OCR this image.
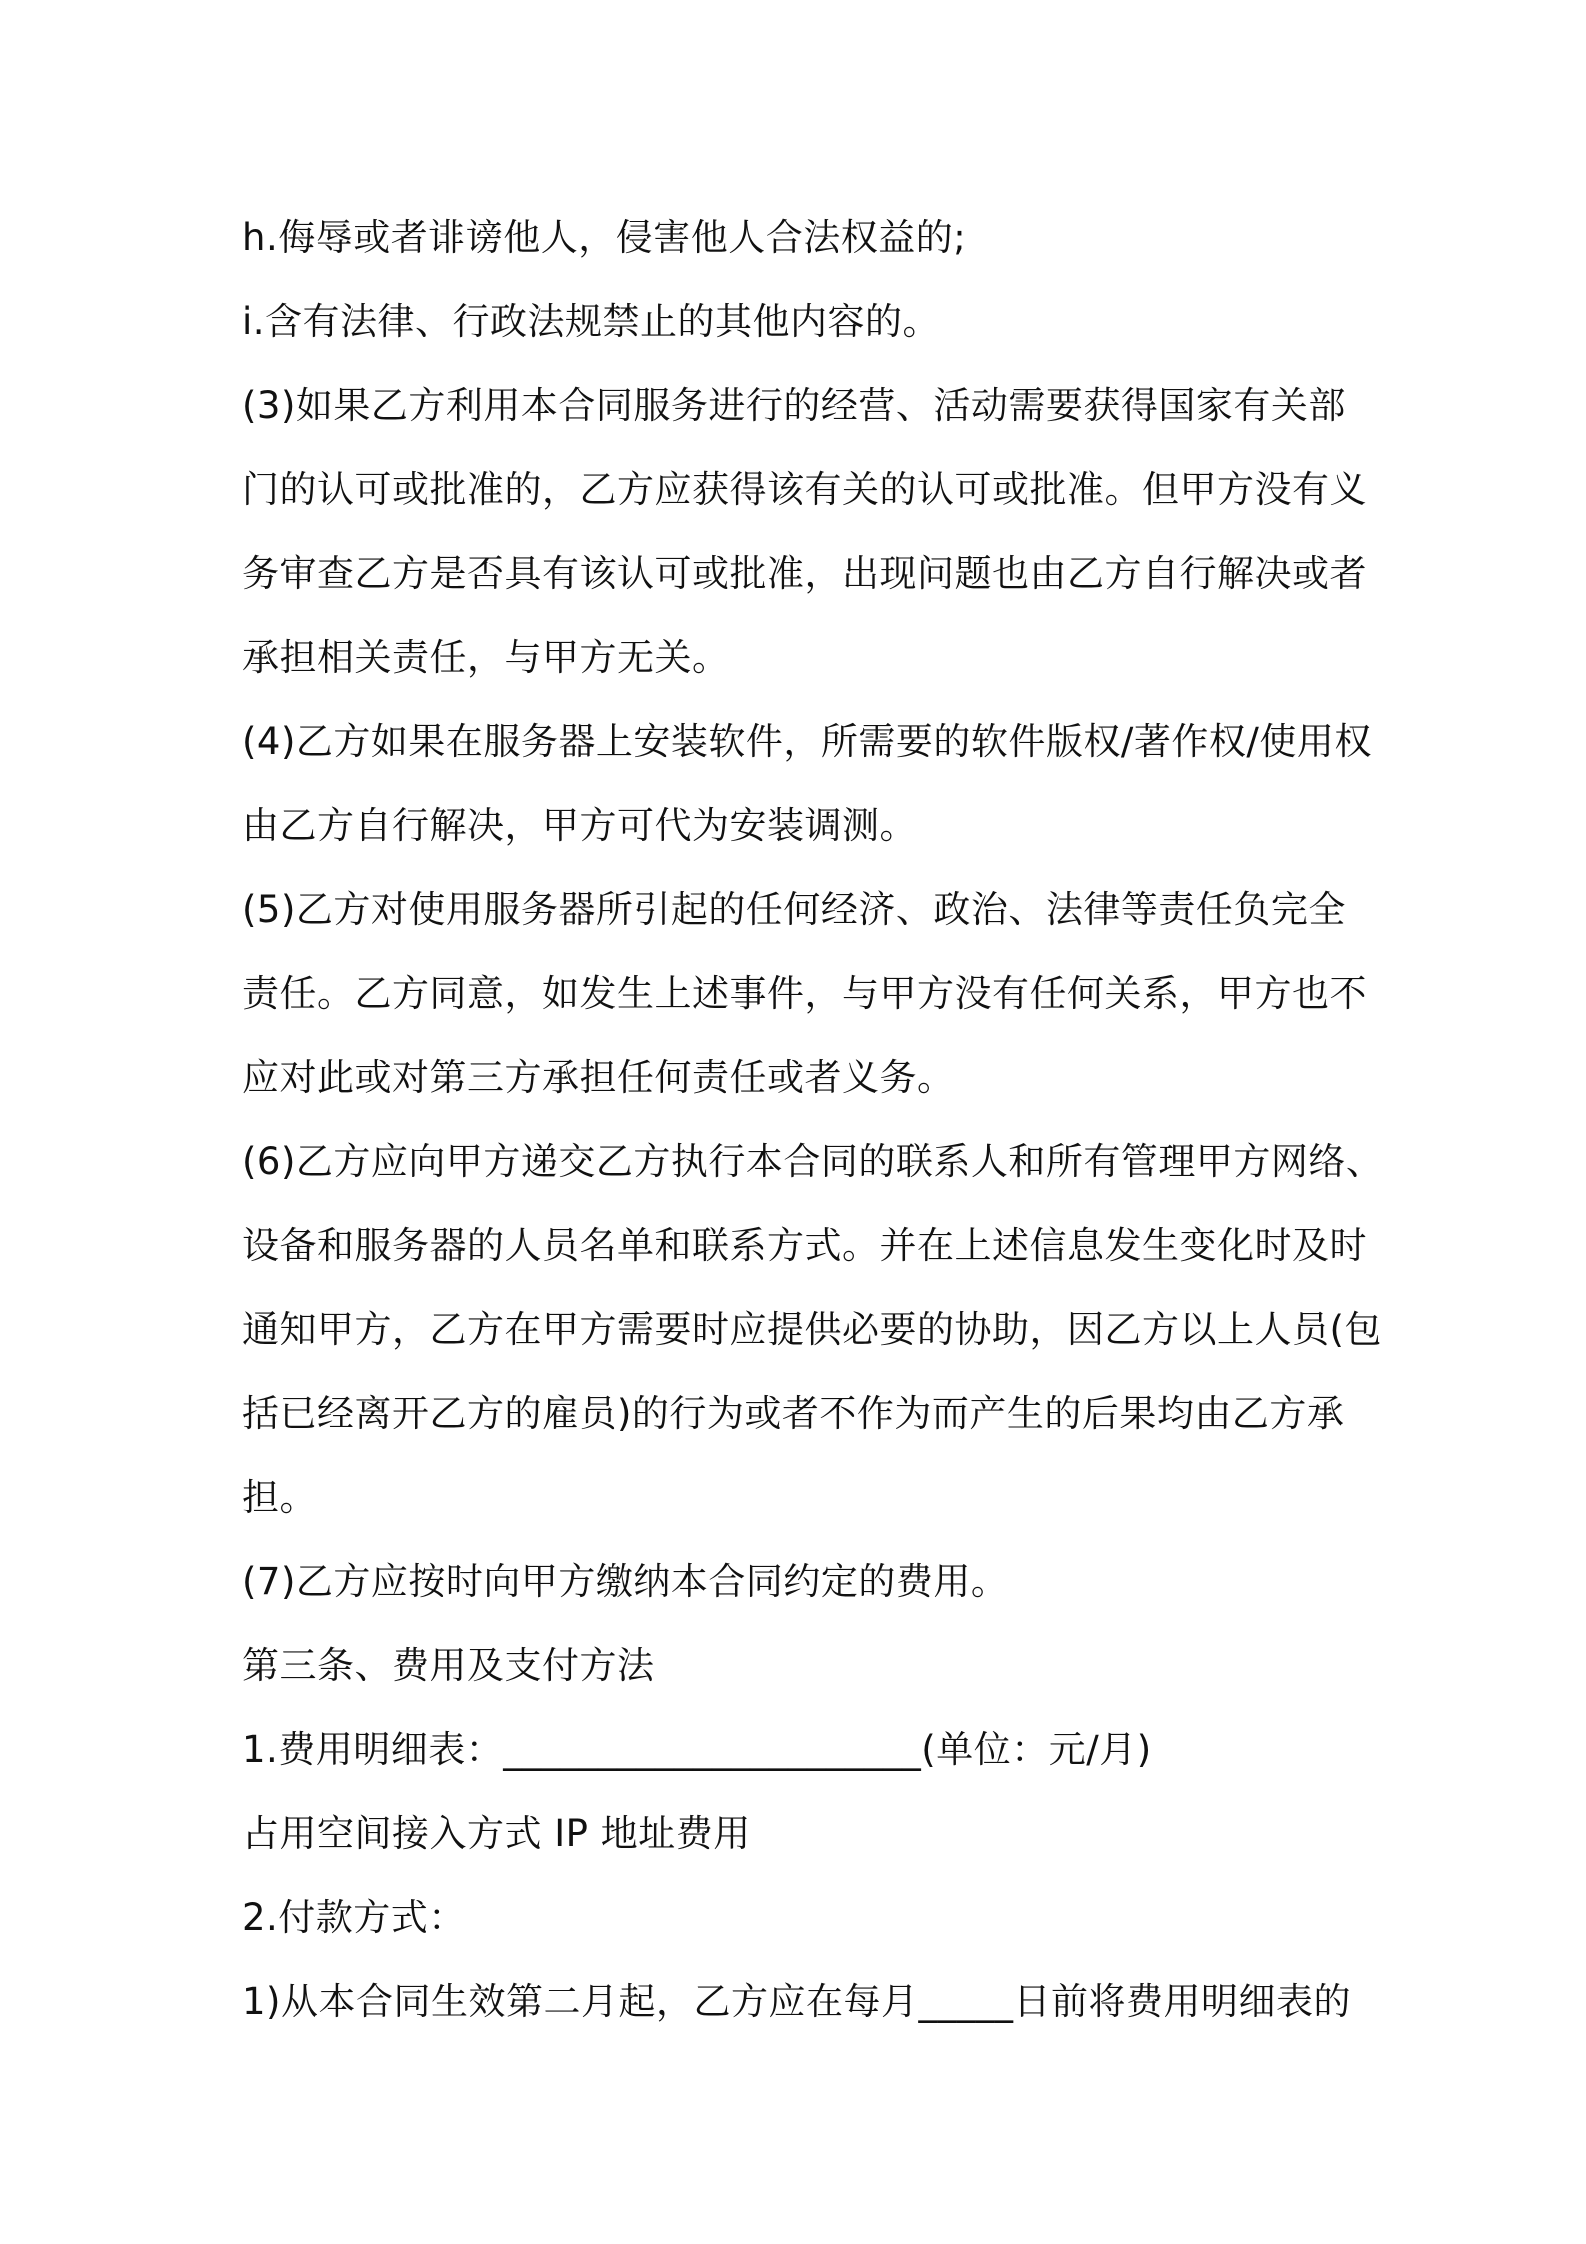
h.侮辱或者诽谤他人，侵害他人合法权益的;
i.含有法律、行政法规禁止的其他内容的。
(3)如果乙方利用本合同服务进行的经营、活动需要获得国家有关部
门的认可或批准的，乙方应获得该有关的认可或批准。但甲方没有义
务审查乙方是否具有该认可或批准，出现问题也由乙方自行解决或者
承担相关责任，与甲方无关。
(4)乙方如果在服务器上安装软件，所需要的软件版权/著作权/使用权
由乙方自行解决，甲方可代为安装调测。
(5)乙方对使用服务器所引起的任何经济、政治、法律等责任负完全
责任。乙方同意，如发生上述事件，与甲方没有任何关系，甲方也不
应对此或对第三方承担任何责任或者义务。
(6)乙方应向甲方递交乙方执行本合同的联系人和所有管理甲方网络、
设备和服务器的人员名单和联系方式。并在上述信息发生变化时及时
通知甲方，乙方在甲方需要时应提供必要的协助，因乙方以上人员(包
括已经离开乙方的雇员)的行为或者不作为而产生的后果均由乙方承
担。
(7)乙方应按时向甲方缴纳本合同约定的费用。
第三条、费用及支付方法
1.费用明细表：______________________(单位：元/月)
占用空间接入方式 IP 地址费用
2.付款方式：
1)从本合同生效第二月起，乙方应在每月_____日前将费用明细表的
